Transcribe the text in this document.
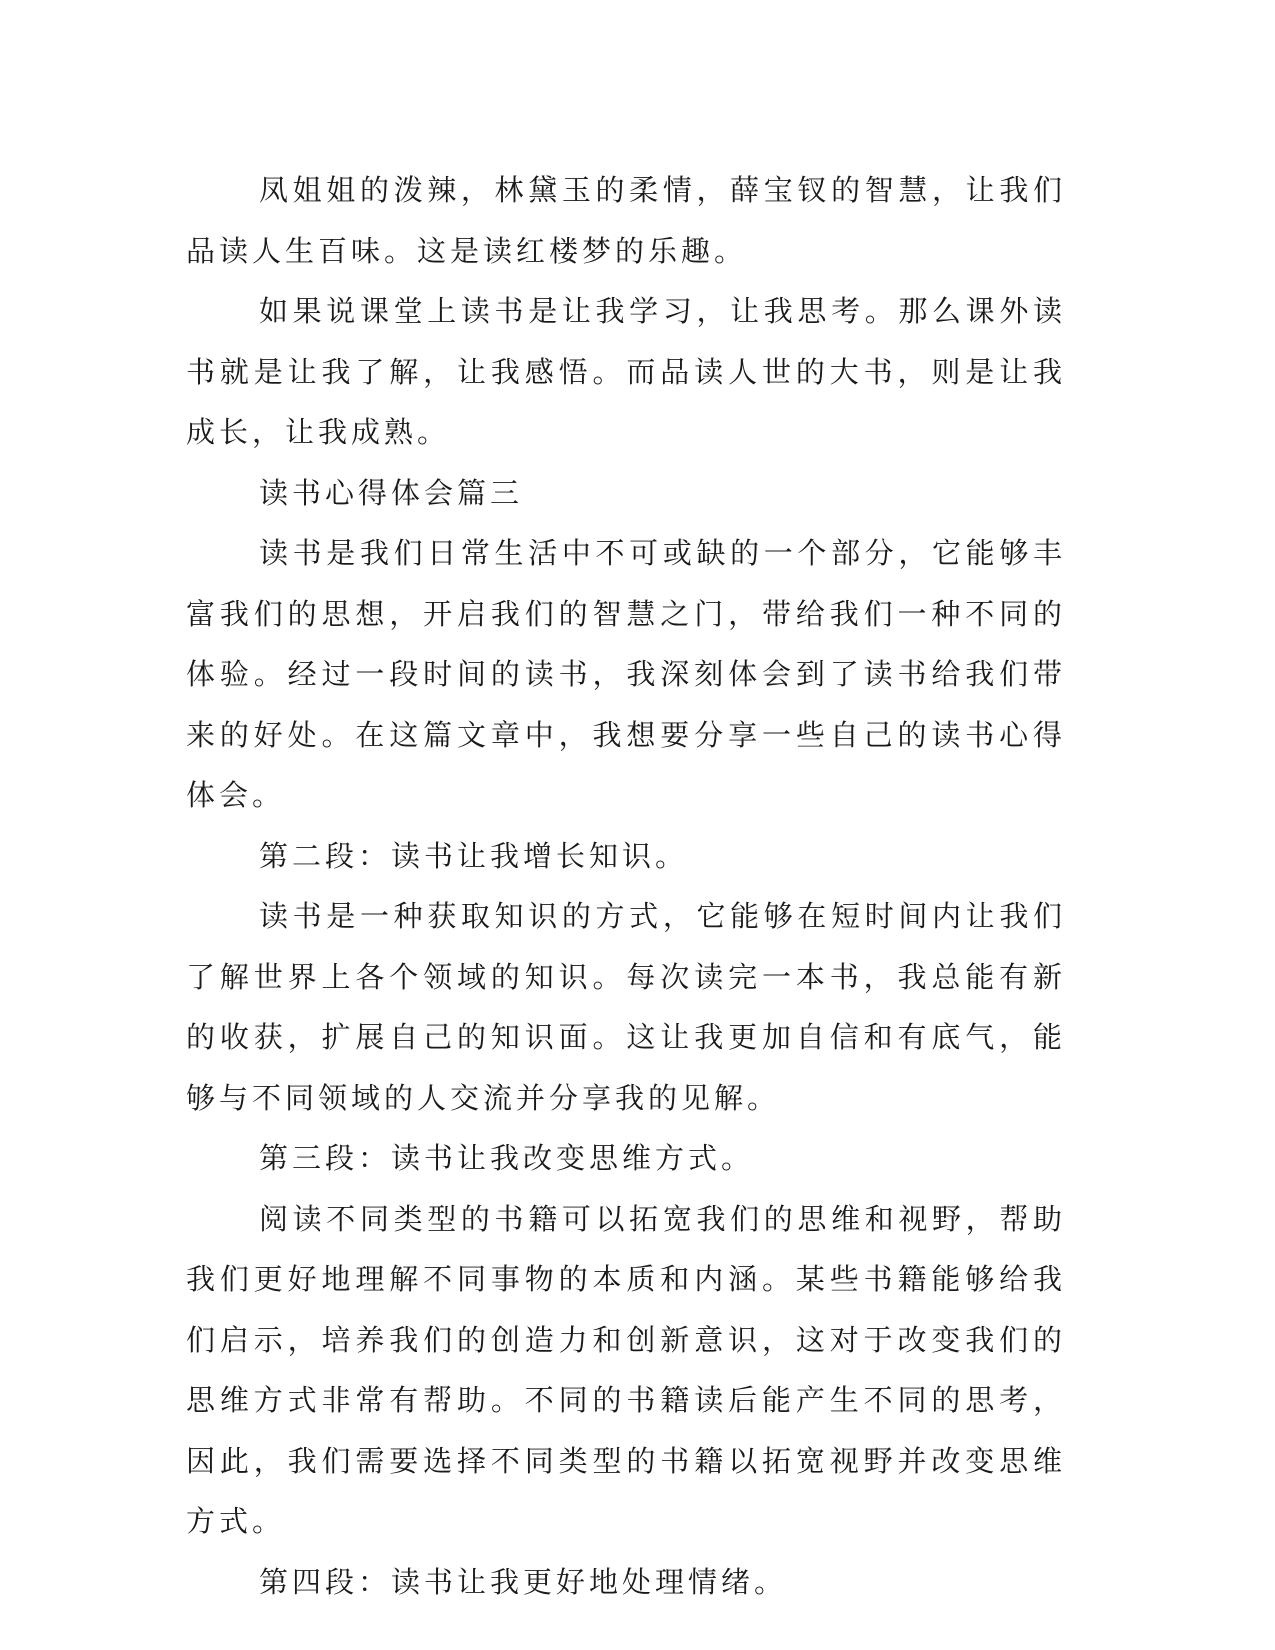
凤姐姐的泼辣，林黛玉的柔情，薛宝钗的智慧，让我们品读人生百味。这是读红楼梦的乐趣。

如果说课堂上读书是让我学习，让我思考。那么课外读书就是让我了解，让我感悟。而品读人世的大书，则是让我成长，让我成熟。

读书心得体会篇三

读书是我们日常生活中不可或缺的一个部分，它能够丰富我们的思想，开启我们的智慧之门，带给我们一种不同的体验。经过一段时间的读书，我深刻体会到了读书给我们带来的好处。在这篇文章中，我想要分享一些自己的读书心得体会。

第二段：读书让我增长知识。

读书是一种获取知识的方式，它能够在短时间内让我们了解世界上各个领域的知识。每次读完一本书，我总能有新的收获，扩展自己的知识面。这让我更加自信和有底气，能够与不同领域的人交流并分享我的见解。

第三段：读书让我改变思维方式。

阅读不同类型的书籍可以拓宽我们的思维和视野，帮助我们更好地理解不同事物的本质和内涵。某些书籍能够给我们启示，培养我们的创造力和创新意识，这对于改变我们的思维方式非常有帮助。不同的书籍读后能产生不同的思考，因此，我们需要选择不同类型的书籍以拓宽视野并改变思维方式。

第四段：读书让我更好地处理情绪。
